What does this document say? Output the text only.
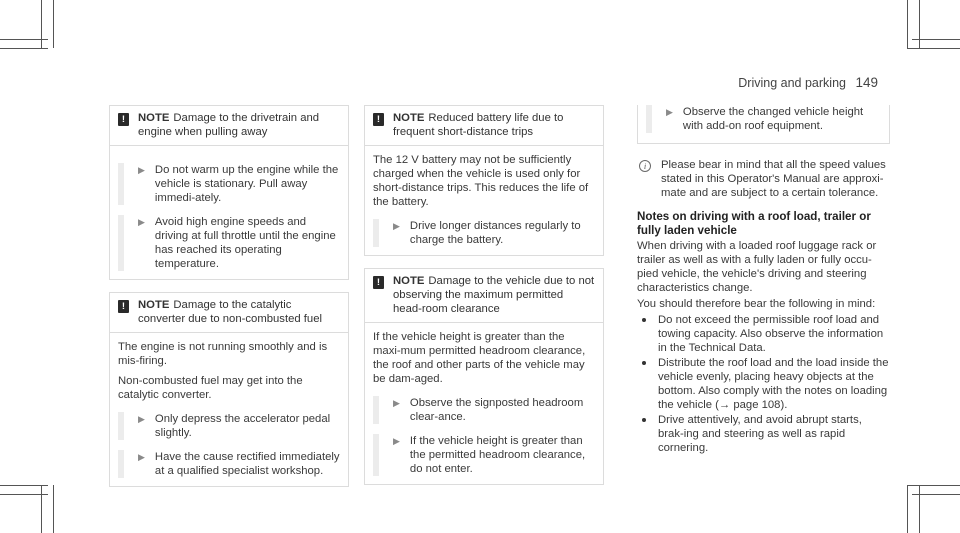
Driving and parking 149
!	NOTE Damage to the drivetrain and engine when pulling away
▶ Do not warm up the engine while the vehicle is stationary. Pull away immedi-ately.
▶ Avoid high engine speeds and driving at full throttle until the engine has reached its operating temperature.
!	NOTE Damage to the catalytic converter due to non-combusted fuel

The engine is not running smoothly and is mis-firing.

Non-combusted fuel may get into the catalytic converter.

▶ Only depress the accelerator pedal slightly.
▶ Have the cause rectified immediately at a qualified specialist workshop.
!	NOTE Reduced battery life due to frequent short-distance trips

The 12 V battery may not be sufficiently charged when the vehicle is used only for short-distance trips. This reduces the life of the battery.

▶ Drive longer distances regularly to charge the battery.
!	NOTE Damage to the vehicle due to not observing the maximum permitted head-room clearance

If the vehicle height is greater than the maxi-mum permitted headroom clearance, the roof and other parts of the vehicle may be dam-aged.

▶ Observe the signposted headroom clear-ance.
▶ If the vehicle height is greater than the permitted headroom clearance, do not enter.
▶ Observe the changed vehicle height with add-on roof equipment.
i	Please bear in mind that all the speed values stated in this Operator's Manual are approxi-mate and are subject to a certain tolerance.
Notes on driving with a roof load, trailer or fully laden vehicle

When driving with a loaded roof luggage rack or trailer as well as with a fully laden or fully occu-pied vehicle, the vehicle's driving and steering characteristics change.

You should therefore bear the following in mind:

Do not exceed the permissible roof load and towing capacity. Also observe the information in the Technical Data.
Distribute the roof load and the load inside the vehicle evenly, placing heavy objects at the bottom. Also comply with the notes on loading the vehicle (→ page 108).
Drive attentively, and avoid abrupt starts, brak-ing and steering as well as rapid cornering.
